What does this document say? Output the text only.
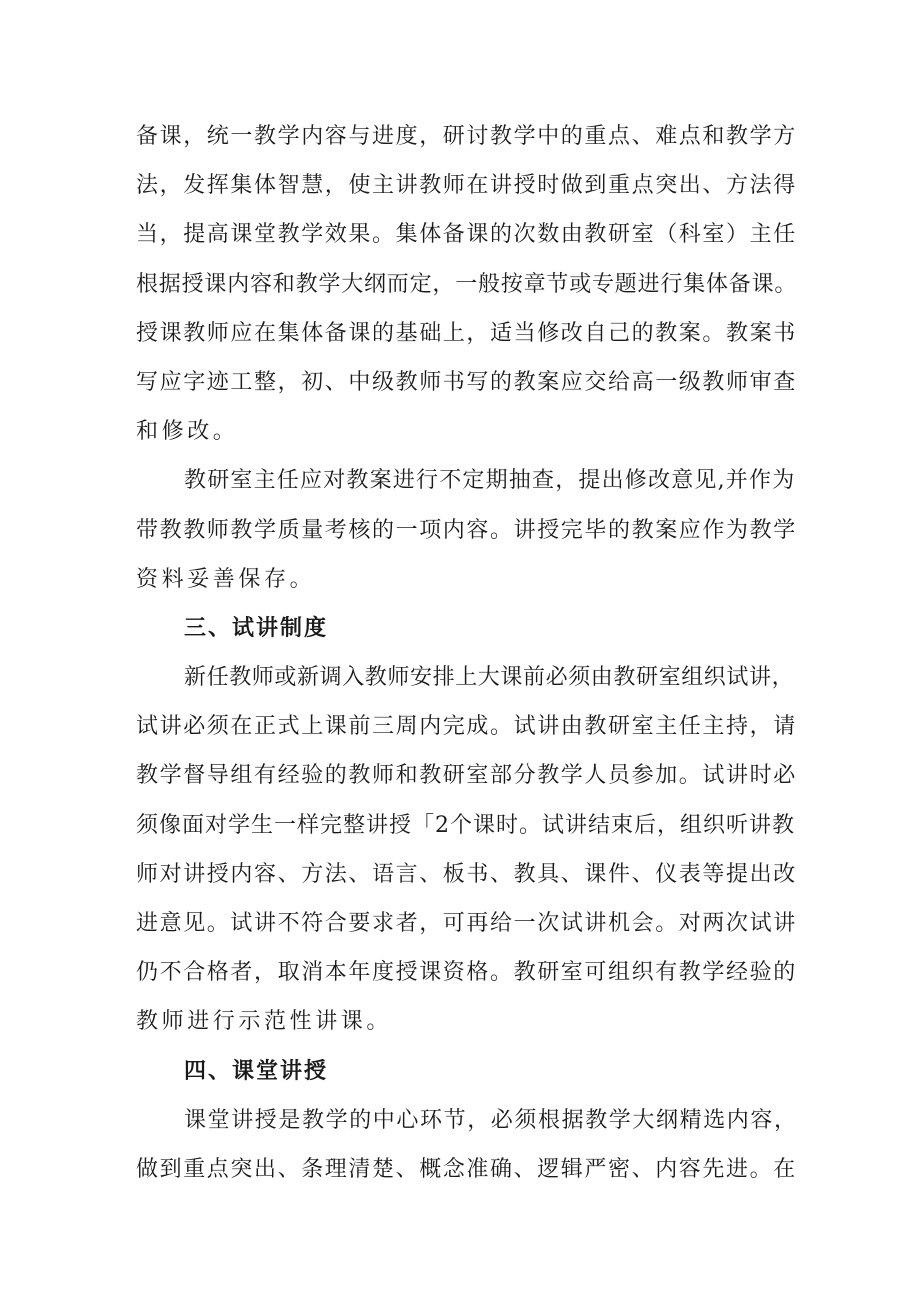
备课，统一教学内容与进度，研讨教学中的重点、难点和教学方
法，发挥集体智慧，使主讲教师在讲授时做到重点突出、方法得
当，提高课堂教学效果。集体备课的次数由教研室（科室）主任
根据授课内容和教学大纲而定，一般按章节或专题进行集体备课。
授课教师应在集体备课的基础上，适当修改自己的教案。教案书
写应字迹工整，初、中级教师书写的教案应交给高一级教师审查
和修改。
教研室主任应对教案进行不定期抽查，提出修改意见,并作为
带教教师教学质量考核的一项内容。讲授完毕的教案应作为教学
资料妥善保存。
三、试讲制度
新任教师或新调入教师安排上大课前必须由教研室组织试讲，
试讲必须在正式上课前三周内完成。试讲由教研室主任主持，请
教学督导组有经验的教师和教研室部分教学人员参加。试讲时必
须像面对学生一样完整讲授「2个课时。试讲结束后，组织听讲教
师对讲授内容、方法、语言、板书、教具、课件、仪表等提出改
进意见。试讲不符合要求者，可再给一次试讲机会。对两次试讲
仍不合格者，取消本年度授课资格。教研室可组织有教学经验的
教师进行示范性讲课。
四、课堂讲授
课堂讲授是教学的中心环节，必须根据教学大纲精选内容，
做到重点突出、条理清楚、概念准确、逻辑严密、内容先进。在
